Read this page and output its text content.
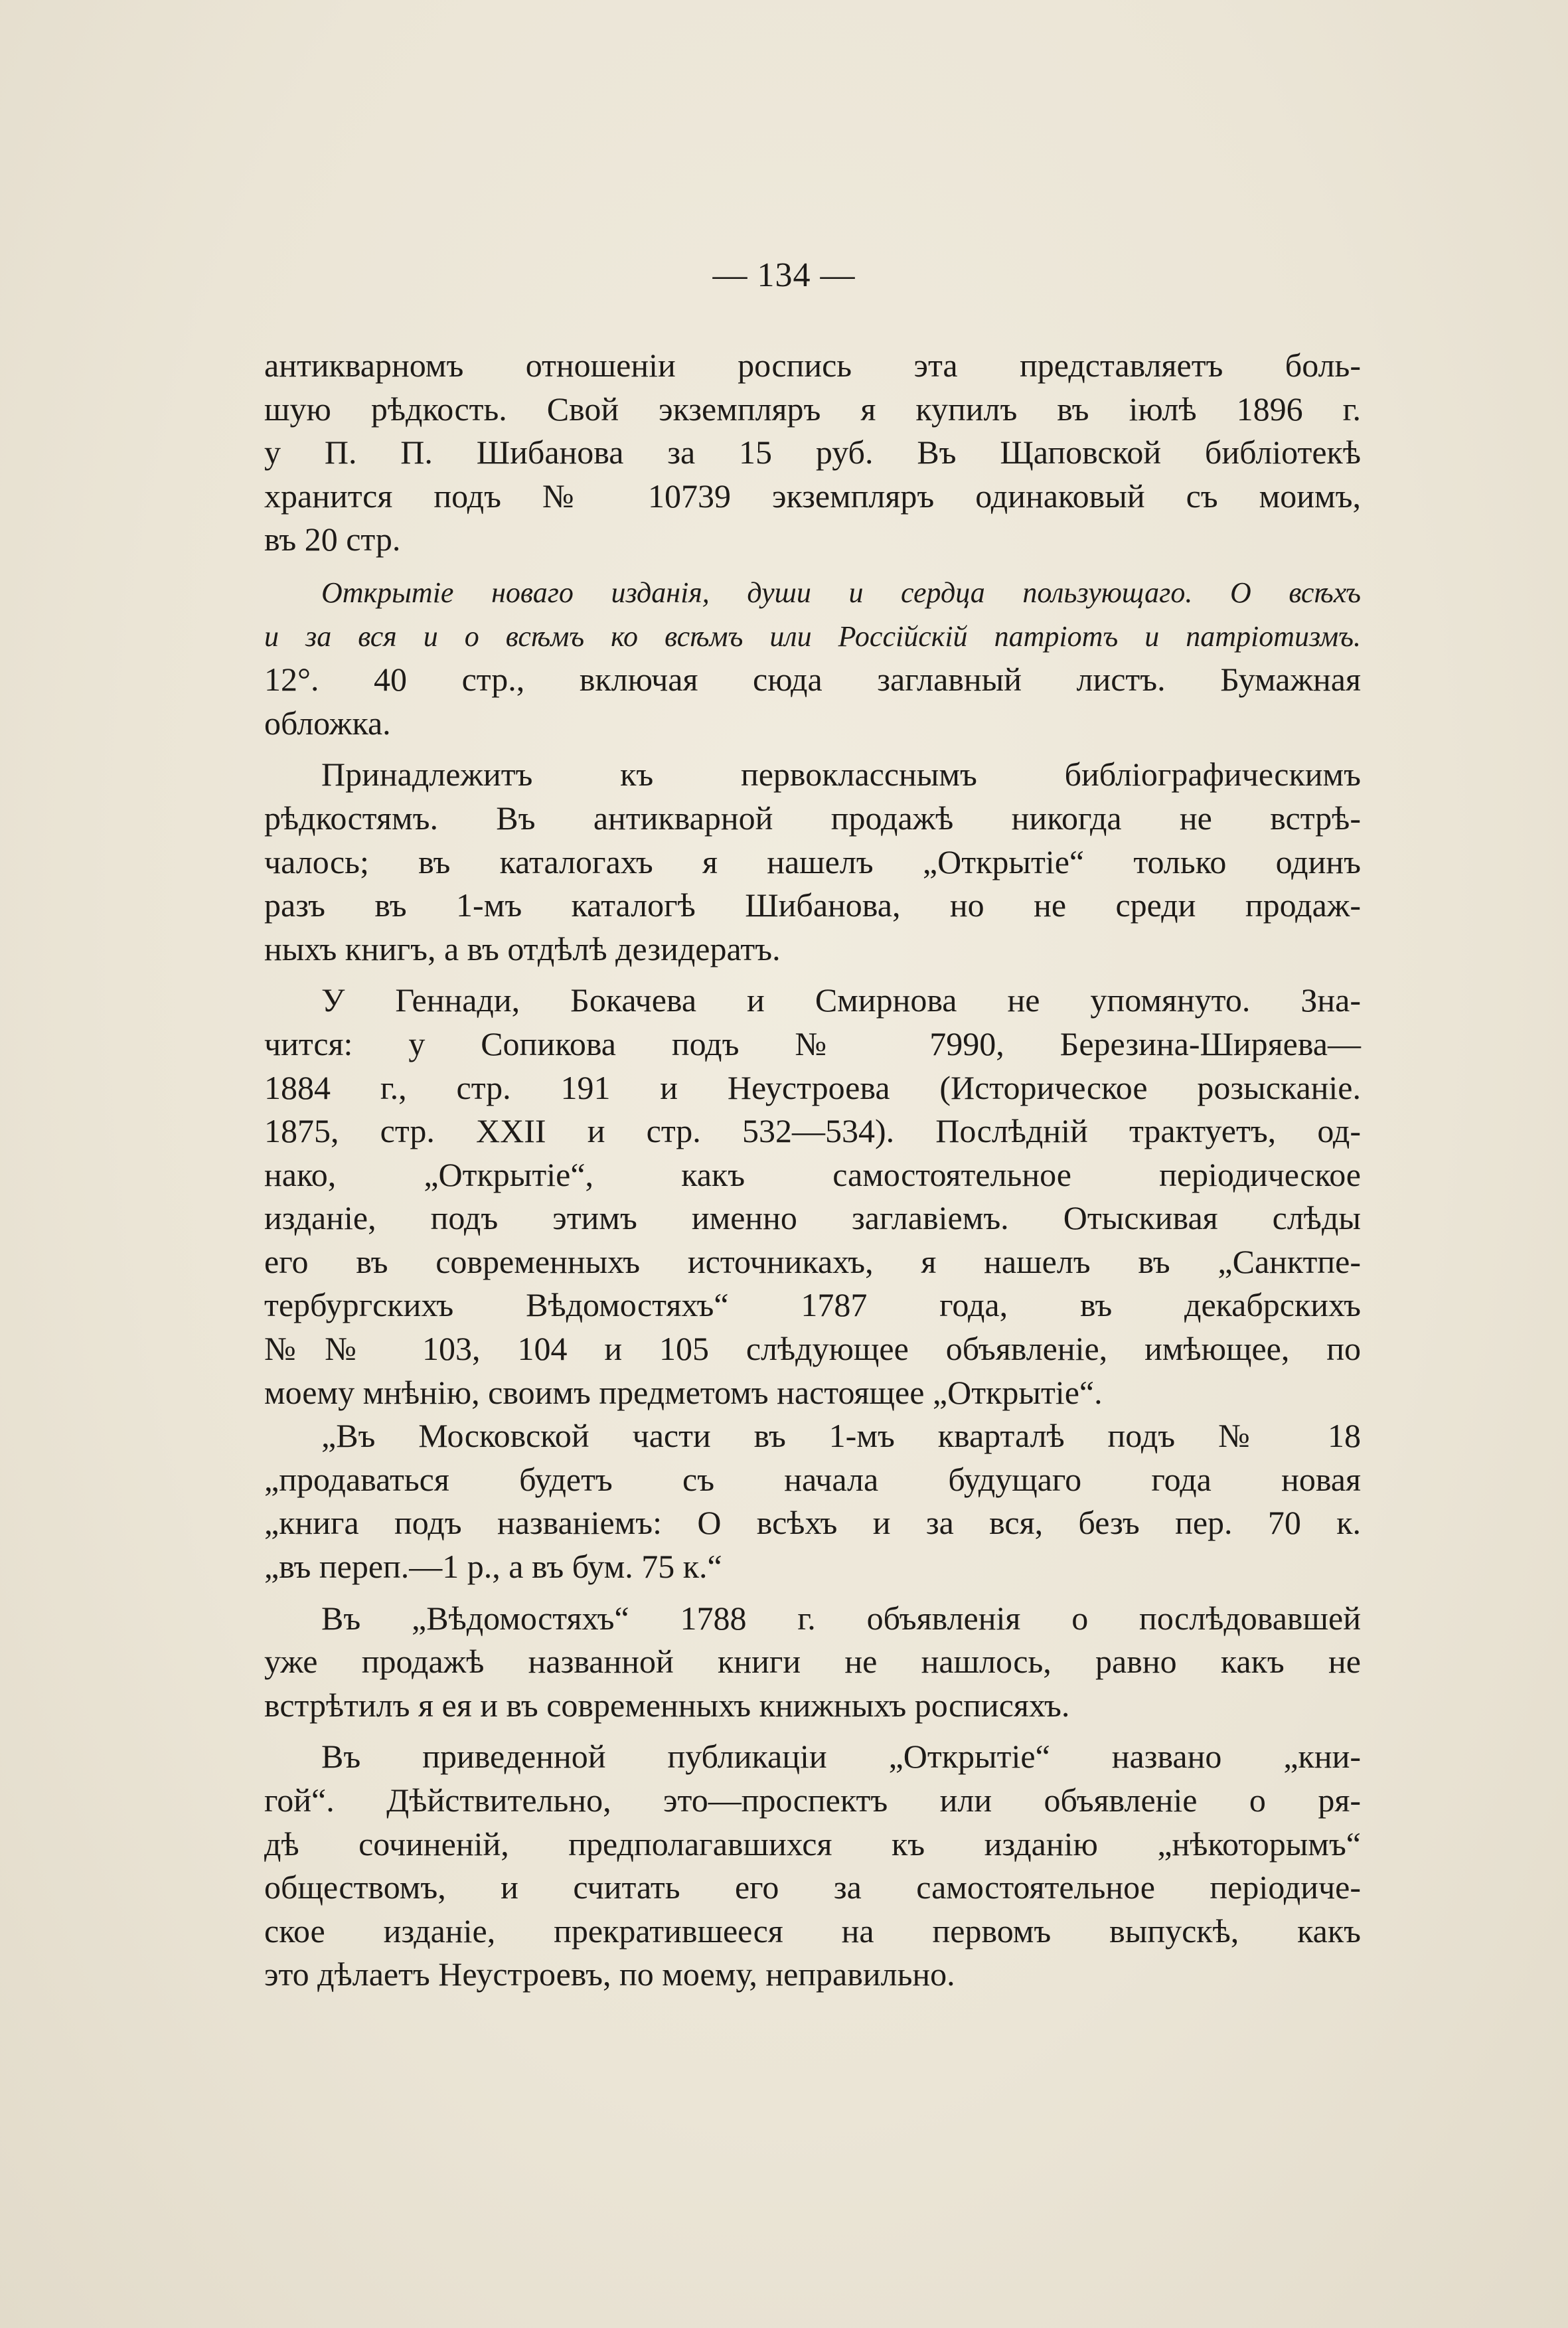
— 134 —
антикварномъ отношеніи роспись эта представляетъ боль-
шую рѣдкость. Свой экземпляръ я купилъ въ іюлѣ 1896 г.
у П. П. Шибанова за 15 руб. Въ Щаповской библіотекѣ
хранится подъ № 10739 экземпляръ одинаковый съ моимъ,
въ 20 стр.
Открытіе новаго изданія, души и сердца пользующаго. О всѣхъ
и за вся и о всѣмъ ко всѣмъ или Россійскій патріотъ и патріотизмъ.
12°. 40 стр., включая сюда заглавный листъ. Бумажная
обложка.
Принадлежитъ къ первокласснымъ библіографическимъ
рѣдкостямъ. Въ антикварной продажѣ никогда не встрѣ-
чалось; въ каталогахъ я нашелъ „Открытіе“ только одинъ
разъ въ 1-мъ каталогѣ Шибанова, но не среди продаж-
ныхъ книгъ, а въ отдѣлѣ дезидератъ.
У Геннади, Бокачева и Смирнова не упомянуто. Зна-
чится: у Сопикова подъ № 7990, Березина-Ширяева—
1884 г., стр. 191 и Неустроева (Историческое розысканіе.
1875, стр. XXII и стр. 532—534). Послѣдній трактуетъ, од-
нако, „Открытіе“, какъ самостоятельное періодическое
изданіе, подъ этимъ именно заглавіемъ. Отыскивая слѣды
его въ современныхъ источникахъ, я нашелъ въ „Санктпе-
тербургскихъ Вѣдомостяхъ“ 1787 года, въ декабрскихъ
№№ 103, 104 и 105 слѣдующее объявленіе, имѣющее, по
моему мнѣнію, своимъ предметомъ настоящее „Открытіе“.
„Въ Московской части въ 1-мъ кварталѣ подъ № 18
„продаваться будетъ съ начала будущаго года новая
„книга подъ названіемъ: О всѣхъ и за вся, безъ пер. 70 к.
„въ переп.—1 р., а въ бум. 75 к.“
Въ „Вѣдомостяхъ“ 1788 г. объявленія о послѣдовавшей
уже продажѣ названной книги не нашлось, равно какъ не
встрѣтилъ я ея и въ современныхъ книжныхъ росписяхъ.
Въ приведенной публикаціи „Открытіе“ названо „кни-
гой“. Дѣйствительно, это—проспектъ или объявленіе о ря-
дѣ сочиненій, предполагавшихся къ изданію „нѣкоторымъ“
обществомъ, и считать его за самостоятельное періодиче-
ское изданіе, прекратившееся на первомъ выпускѣ, какъ
это дѣлаетъ Неустроевъ, по моему, неправильно.
